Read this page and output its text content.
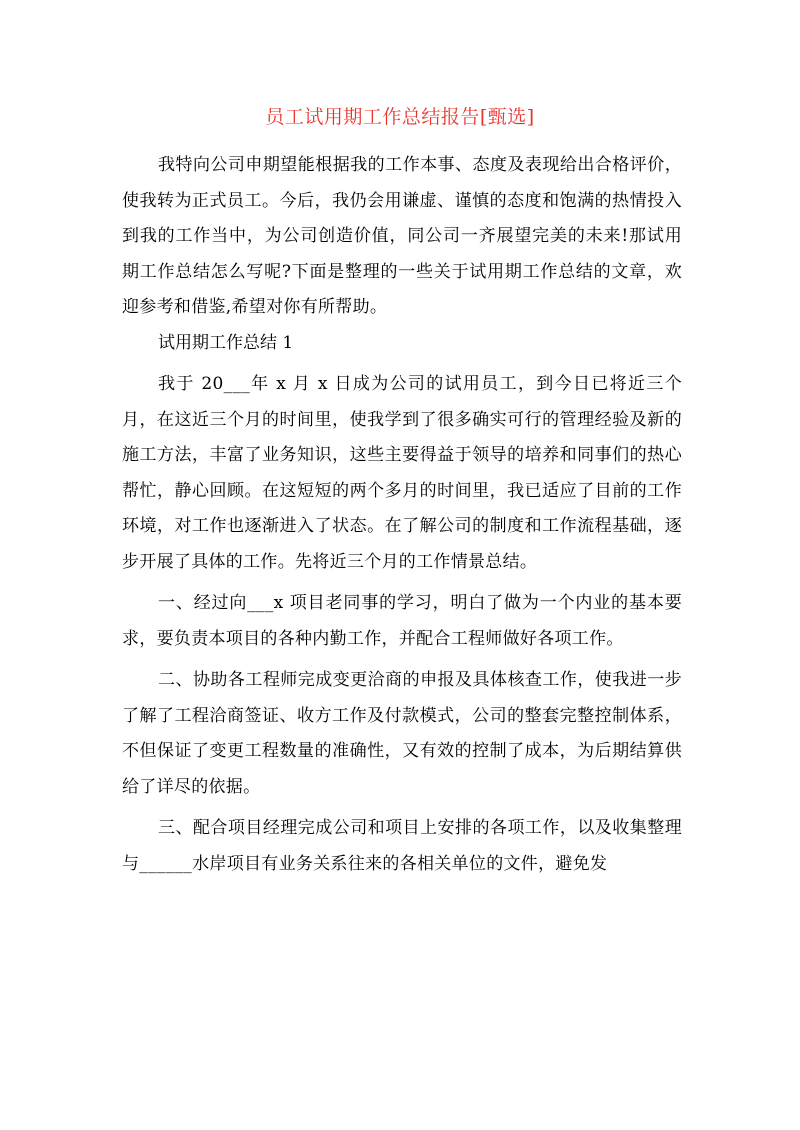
员工试用期工作总结报告[甄选]

我特向公司申期望能根据我的工作本事、态度及表现给出合格评价，使我转为正式员工。今后，我仍会用谦虚、谨慎的态度和饱满的热情投入到我的工作当中，为公司创造价值，同公司一齐展望完美的未来!那试用期工作总结怎么写呢?下面是整理的一些关于试用期工作总结的文章，欢迎参考和借鉴,希望对你有所帮助。

试用期工作总结 1

我于 20___年 x 月 x 日成为公司的试用员工，到今日已将近三个月，在这近三个月的时间里，使我学到了很多确实可行的管理经验及新的施工方法，丰富了业务知识，这些主要得益于领导的培养和同事们的热心帮忙，静心回顾。在这短短的两个多月的时间里，我已适应了目前的工作环境，对工作也逐渐进入了状态。在了解公司的制度和工作流程基础，逐步开展了具体的工作。先将近三个月的工作情景总结。

一、经过向___x 项目老同事的学习，明白了做为一个内业的基本要求，要负责本项目的各种内勤工作，并配合工程师做好各项工作。

二、协助各工程师完成变更洽商的申报及具体核查工作，使我进一步了解了工程洽商签证、收方工作及付款模式，公司的整套完整控制体系，不但保证了变更工程数量的准确性，又有效的控制了成本，为后期结算供给了详尽的依据。

三、配合项目经理完成公司和项目上安排的各项工作，以及收集整理与______水岸项目有业务关系往来的各相关单位的文件，避免发
